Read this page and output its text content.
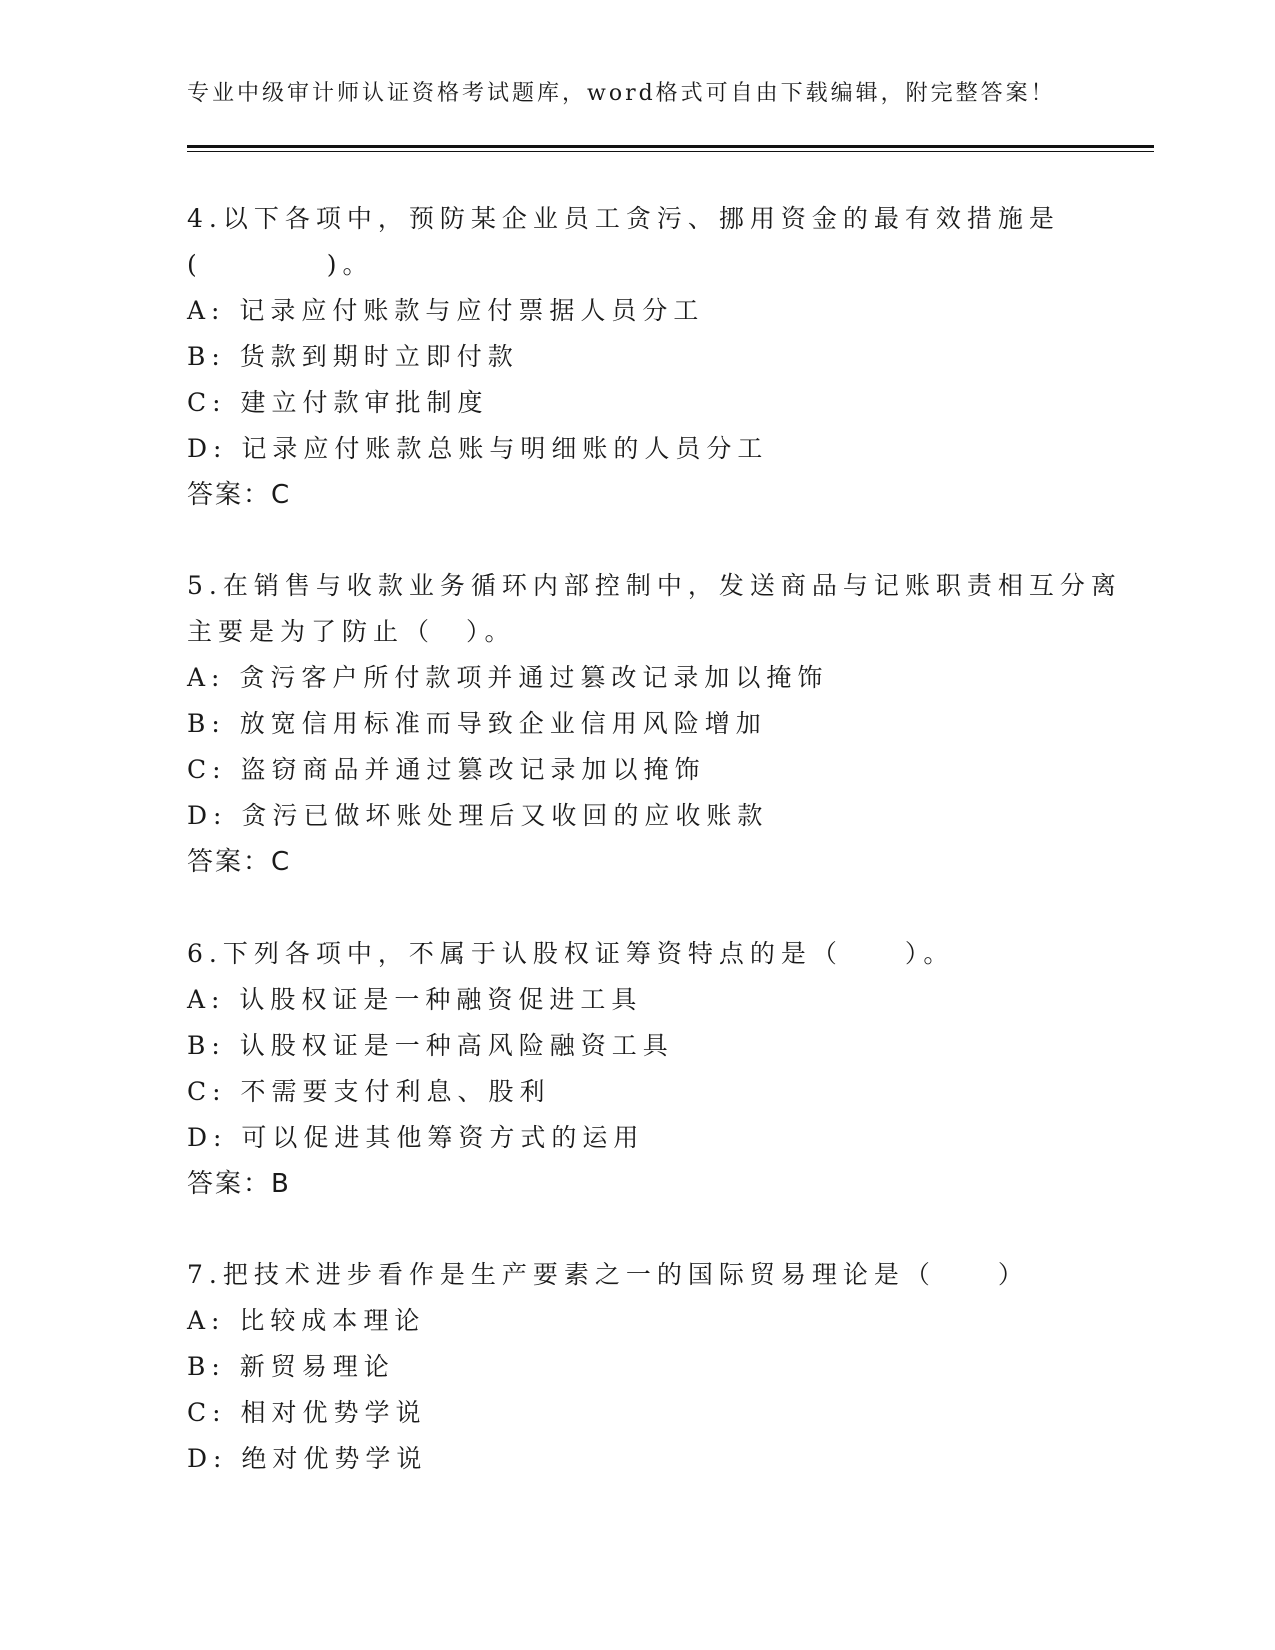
专业中级审计师认证资格考试题库，word格式可自由下载编辑，附完整答案！
4.以下各项中，预防某企业员工贪污、挪用资金的最有效措施是
(　　　　)。
A: 记录应付账款与应付票据人员分工
B: 货款到期时立即付款
C: 建立付款审批制度
D: 记录应付账款总账与明细账的人员分工
答案：C
5.在销售与收款业务循环内部控制中，发送商品与记账职责相互分离
主要是为了防止（　）。
A: 贪污客户所付款项并通过篡改记录加以掩饰
B: 放宽信用标准而导致企业信用风险增加
C: 盗窃商品并通过篡改记录加以掩饰
D: 贪污已做坏账处理后又收回的应收账款
答案：C
6.下列各项中，不属于认股权证筹资特点的是（　　）。
A: 认股权证是一种融资促进工具
B: 认股权证是一种高风险融资工具
C: 不需要支付利息、股利
D: 可以促进其他筹资方式的运用
答案：B
7.把技术进步看作是生产要素之一的国际贸易理论是（　　）
A: 比较成本理论
B: 新贸易理论
C: 相对优势学说
D: 绝对优势学说
